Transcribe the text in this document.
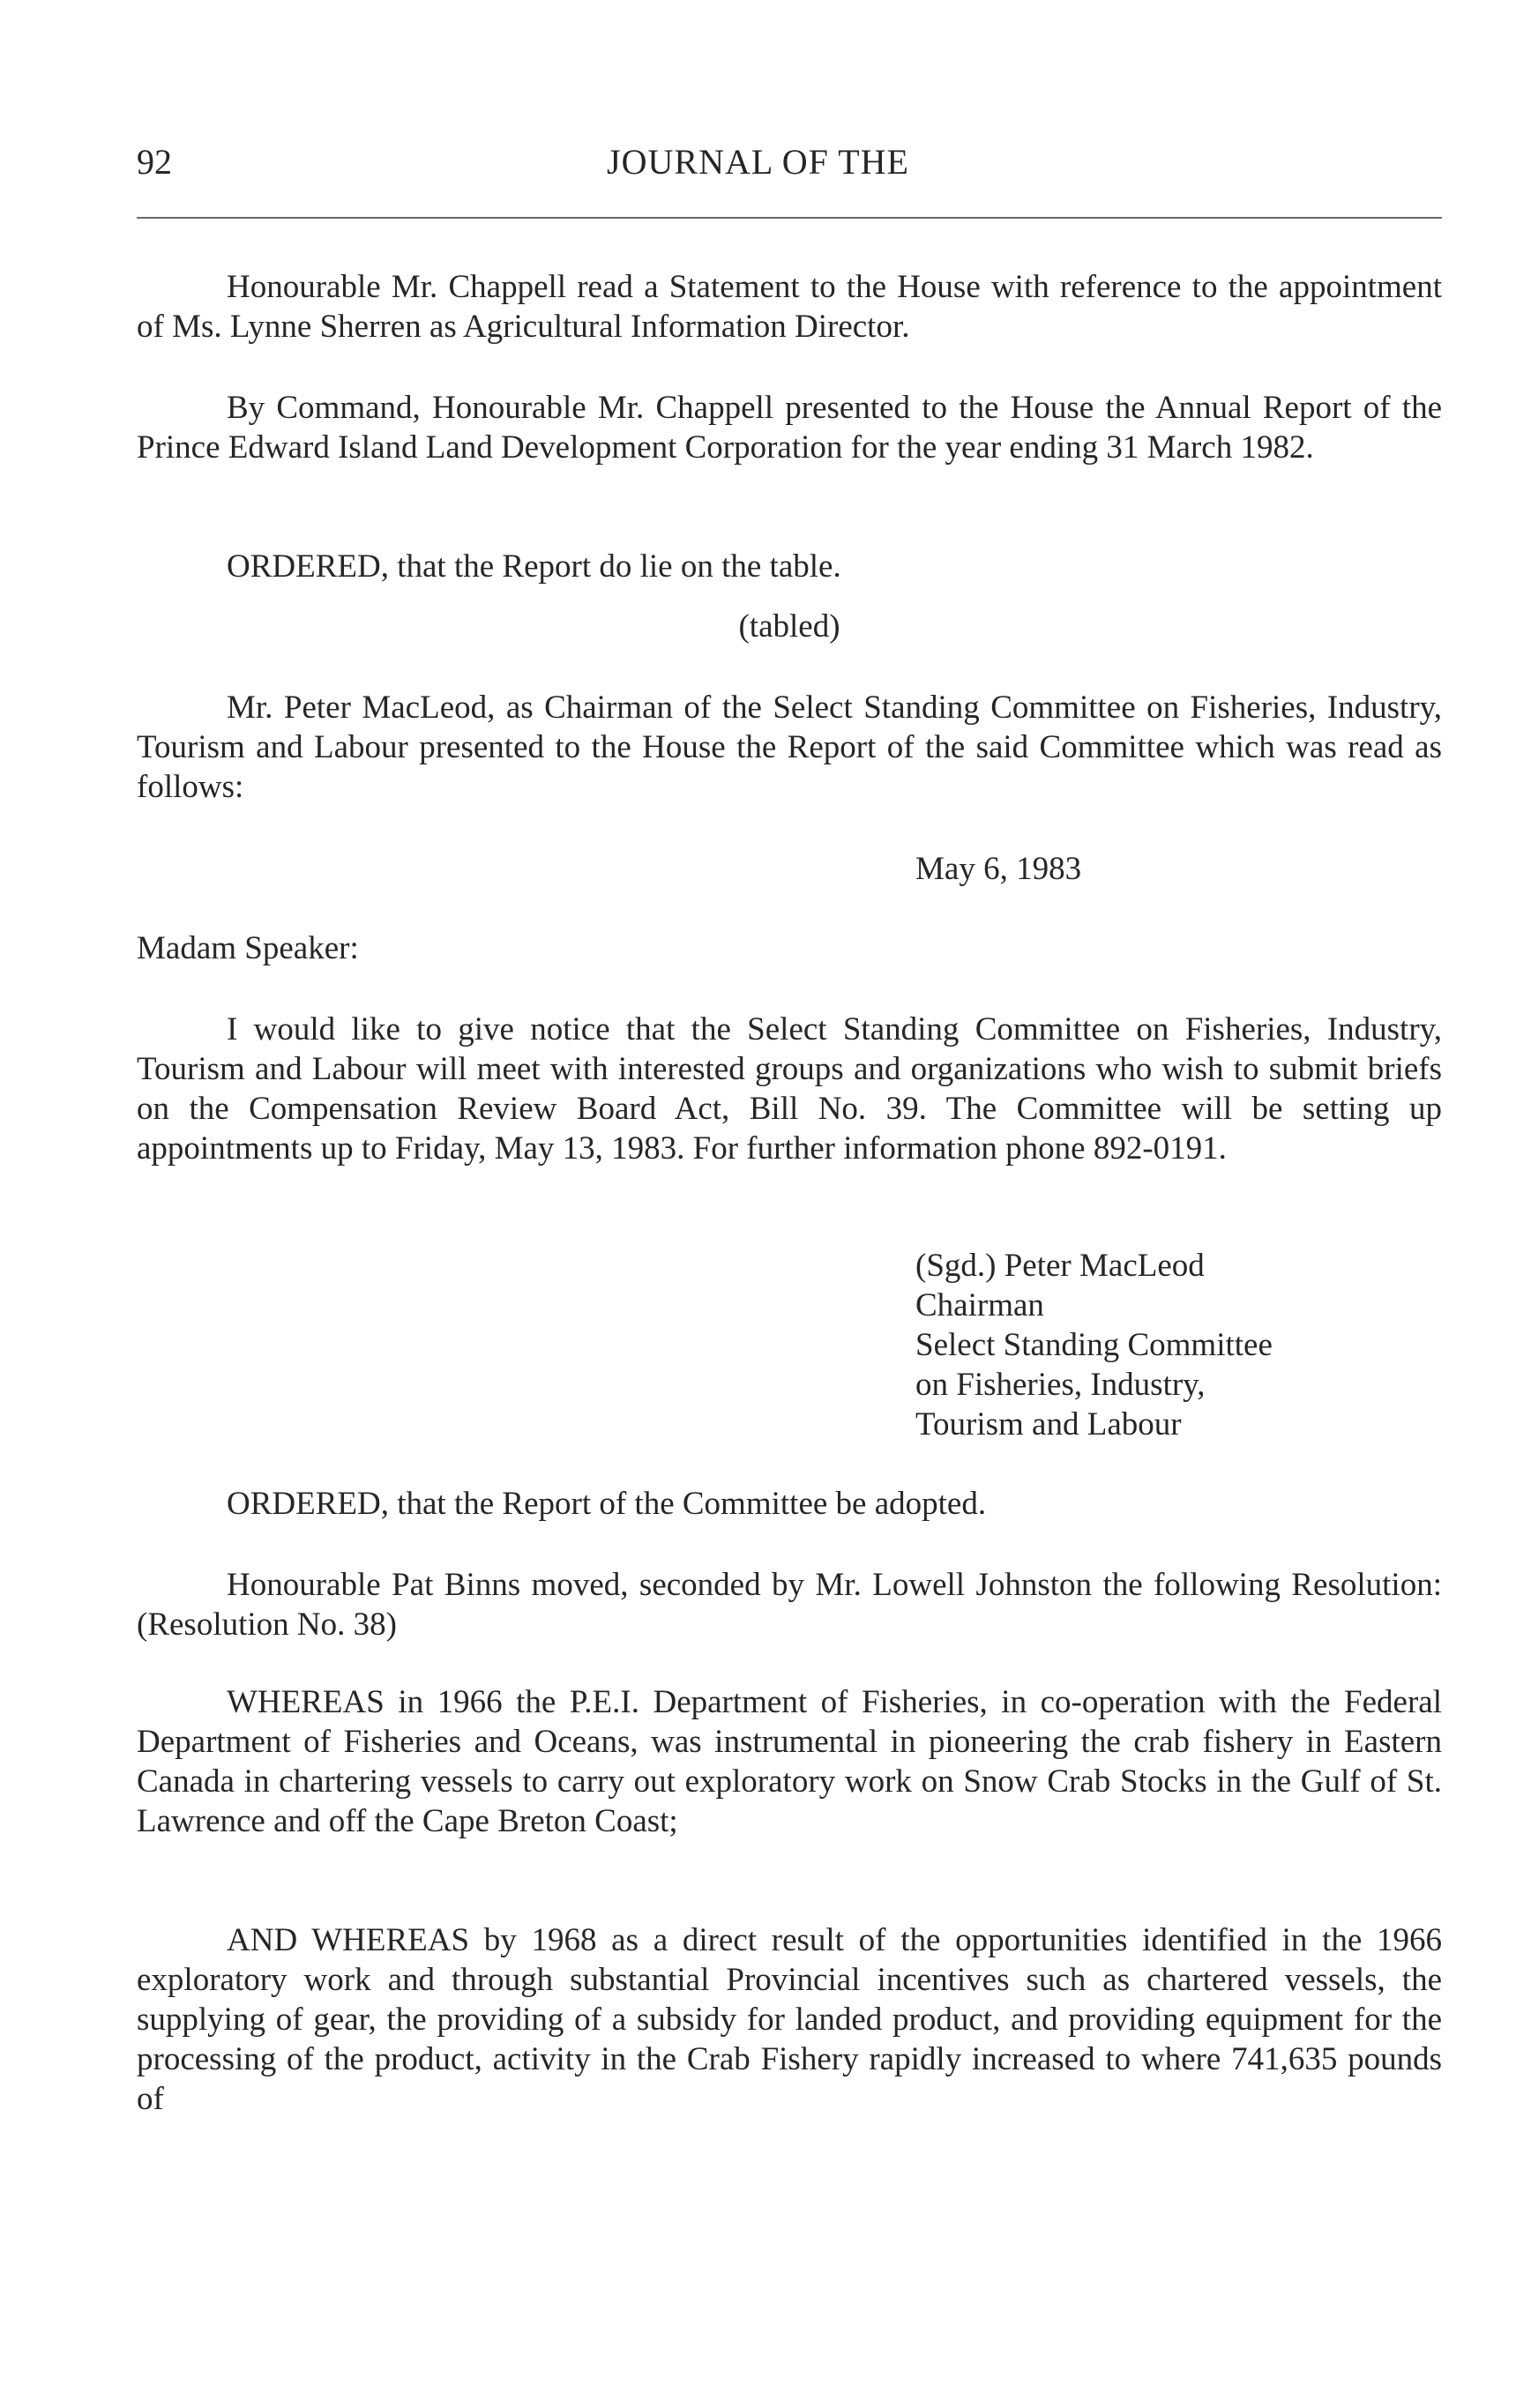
92	JOURNAL OF THE
Honourable Mr. Chappell read a Statement to the House with reference to the appointment of Ms. Lynne Sherren as Agricultural Information Director.
By Command, Honourable Mr. Chappell presented to the House the Annual Report of the Prince Edward Island Land Development Corporation for the year ending 31 March 1982.
ORDERED, that the Report do lie on the table.
(tabled)
Mr. Peter MacLeod, as Chairman of the Select Standing Committee on Fisheries, Industry, Tourism and Labour presented to the House the Report of the said Committee which was read as follows:
May 6, 1983
Madam Speaker:
I would like to give notice that the Select Standing Committee on Fisheries, Industry, Tourism and Labour will meet with interested groups and organizations who wish to submit briefs on the Compensation Review Board Act, Bill No. 39. The Committee will be setting up appointments up to Friday, May 13, 1983. For further information phone 892-0191.
(Sgd.) Peter MacLeod
Chairman
Select Standing Committee
on Fisheries, Industry,
Tourism and Labour
ORDERED, that the Report of the Committee be adopted.
Honourable Pat Binns moved, seconded by Mr. Lowell Johnston the following Resolution: (Resolution No. 38)
WHEREAS in 1966 the P.E.I. Department of Fisheries, in co-operation with the Federal Department of Fisheries and Oceans, was instrumental in pioneering the crab fishery in Eastern Canada in chartering vessels to carry out exploratory work on Snow Crab Stocks in the Gulf of St. Lawrence and off the Cape Breton Coast;
AND WHEREAS by 1968 as a direct result of the opportunities identified in the 1966 exploratory work and through substantial Provincial incentives such as chartered vessels, the supplying of gear, the providing of a subsidy for landed product, and providing equipment for the processing of the product, activity in the Crab Fishery rapidly increased to where 741,635 pounds of
